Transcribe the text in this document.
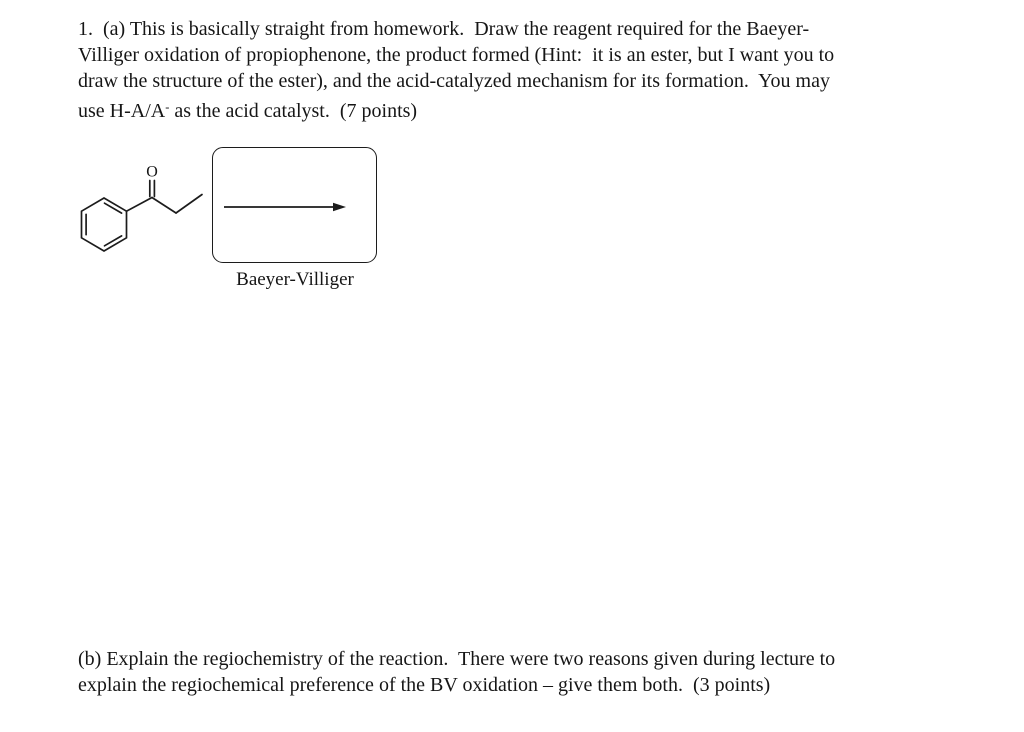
1.  (a) This is basically straight from homework.  Draw the reagent required for the Baeyer-
Villiger oxidation of propiophenone, the product formed (Hint:  it is an ester, but I want you to
draw the structure of the ester), and the acid-catalyzed mechanism for its formation.  You may
use H-A/A- as the acid catalyst.  (7 points)
O
Baeyer-Villiger
(b) Explain the regiochemistry of the reaction.  There were two reasons given during lecture to
explain the regiochemical preference of the BV oxidation – give them both.  (3 points)
